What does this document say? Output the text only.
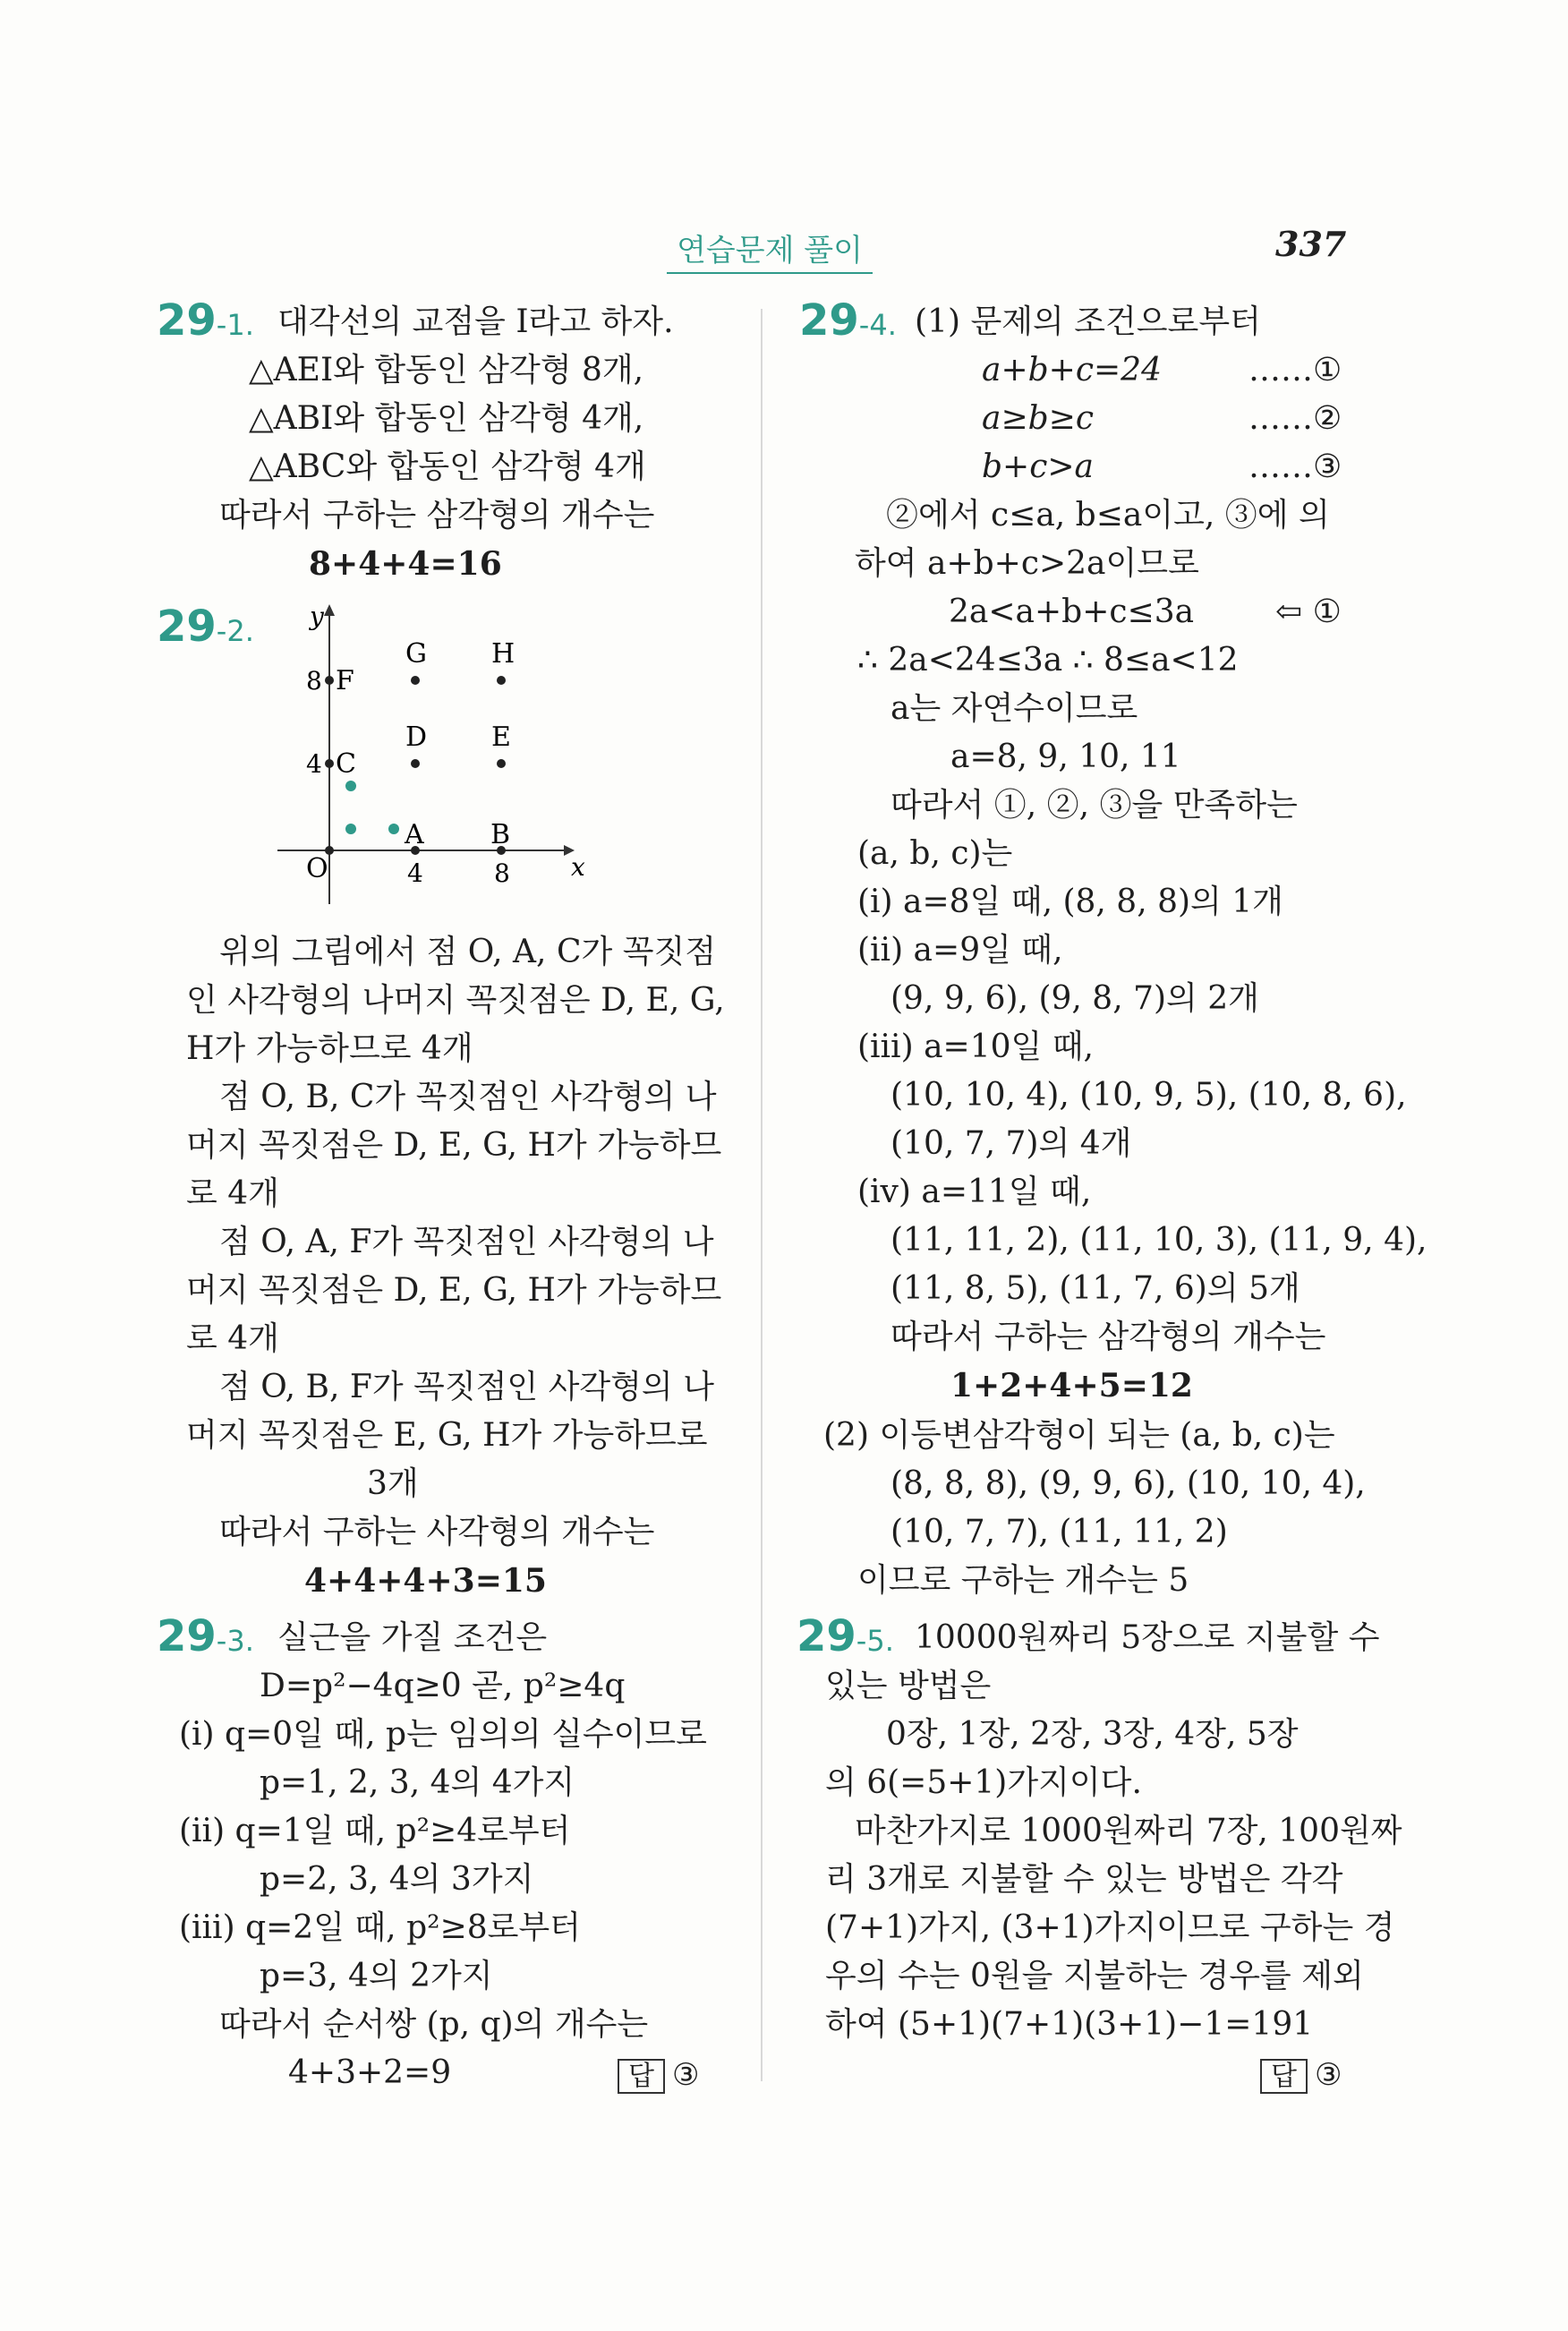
연습문제 풀이	337
29-1. 대각선의 교점을 I라고 하자.
△AEI와 합동인 삼각형 8개,
△ABI와 합동인 삼각형 4개,
△ABC와 합동인 삼각형 4개
따라서 구하는 삼각형의 개수는
8+4+4=16
29-2.
x
y
O	4	8
8
4
F
C
G H
D E
A B
위의 그림에서 점 O, A, C가 꼭짓점
인 사각형의 나머지 꼭짓점은 D, E, G,
H가 가능하므로 4개
점 O, B, C가 꼭짓점인 사각형의 나
머지 꼭짓점은 D, E, G, H가 가능하므
로 4개
점 O, A, F가 꼭짓점인 사각형의 나
머지 꼭짓점은 D, E, G, H가 가능하므
로 4개
점 O, B, F가 꼭짓점인 사각형의 나
머지 꼭짓점은 E, G, H가 가능하므로
3개
따라서 구하는 사각형의 개수는
4+4+4+3=15
29-3. 실근을 가질 조건은
D=p²−4q≥0 곧, p²≥4q
(ⅰ) q=0일 때, p는 임의의 실수이므로
p=1, 2, 3, 4의 4가지
(ⅱ) q=1일 때, p²≥4로부터
p=2, 3, 4의 3가지
(ⅲ) q=2일 때, p²≥8로부터
p=3, 4의 2가지
따라서 순서쌍 (p, q)의 개수는
4+3+2=9	답 ③
29-4. (1) 문제의 조건으로부터
a+b+c=24	……①
a≥b≥c	……②
b+c>a	……③
②에서 c≤a, b≤a이고, ③에 의
하여 a+b+c>2a이므로
2a<a+b+c≤3a	⇦ ①
∴ 2a<24≤3a ∴ 8≤a<12
a는 자연수이므로
a=8, 9, 10, 11
따라서 ①, ②, ③을 만족하는
(a, b, c)는
(ⅰ) a=8일 때, (8, 8, 8)의 1개
(ⅱ) a=9일 때,
(9, 9, 6), (9, 8, 7)의 2개
(ⅲ) a=10일 때,
(10, 10, 4), (10, 9, 5), (10, 8, 6),
(10, 7, 7)의 4개
(ⅳ) a=11일 때,
(11, 11, 2), (11, 10, 3), (11, 9, 4),
(11, 8, 5), (11, 7, 6)의 5개
따라서 구하는 삼각형의 개수는
1+2+4+5=12
(2) 이등변삼각형이 되는 (a, b, c)는
(8, 8, 8), (9, 9, 6), (10, 10, 4),
(10, 7, 7), (11, 11, 2)
이므로 구하는 개수는 5
29-5. 10000원짜리 5장으로 지불할 수
있는 방법은
0장, 1장, 2장, 3장, 4장, 5장
의 6(=5+1)가지이다.
마찬가지로 1000원짜리 7장, 100원짜
리 3개로 지불할 수 있는 방법은 각각
(7+1)가지, (3+1)가지이므로 구하는 경
우의 수는 0원을 지불하는 경우를 제외
하여 (5+1)(7+1)(3+1)−1=191
답 ③
